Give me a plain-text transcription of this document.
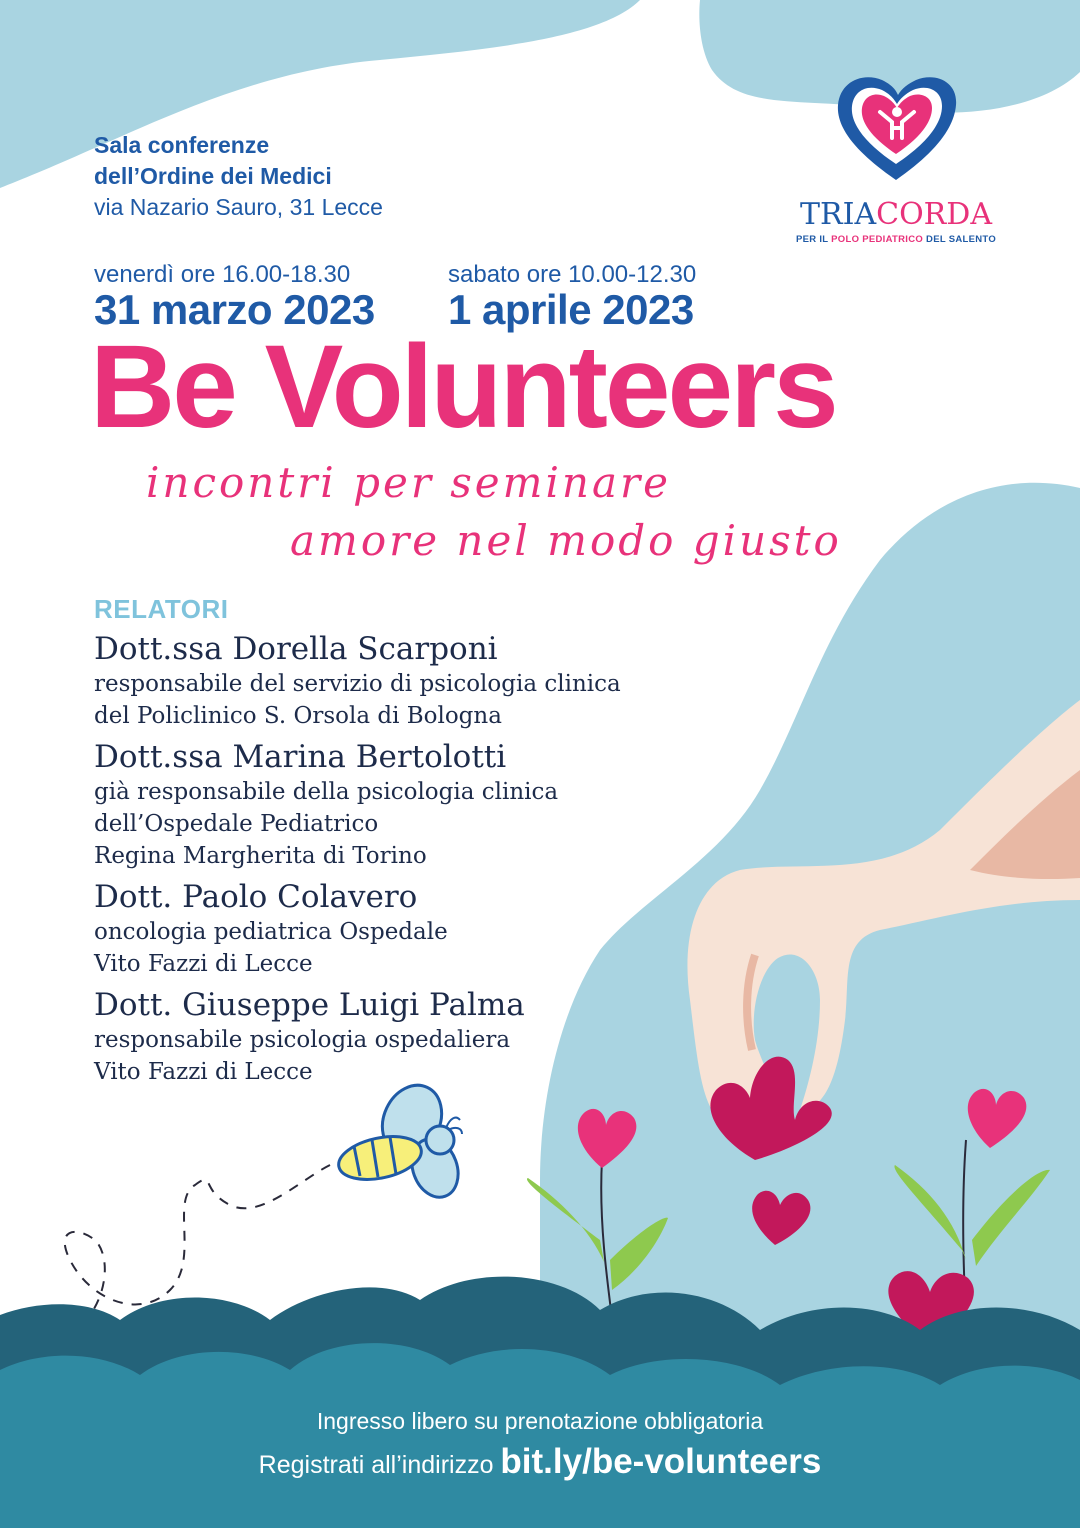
Sala conferenze
dell’Ordine dei Medici
via Nazario Sauro, 31 Lecce	TRIACORDA
PER IL POLO PEDIATRICO DEL SALENTO
venerdì ore 16.00-18.30
31 marzo 2023
sabato ore 10.00-12.30
1 aprile 2023
Be Volunteers
incontri per seminare
amore nel modo giusto
RELATORI
Dott.ssa Dorella Scarponi
responsabile del servizio di psicologia clinica
del Policlinico S. Orsola di Bologna
Dott.ssa Marina Bertolotti
già responsabile della psicologia clinica
dell’Ospedale Pediatrico
Regina Margherita di Torino
Dott. Paolo Colavero
oncologia pediatrica Ospedale
Vito Fazzi di Lecce
Dott. Giuseppe Luigi Palma
responsabile psicologia ospedaliera
Vito Fazzi di Lecce
Ingresso libero su prenotazione obbligatoria
Registrati all’indirizzo bit.ly/be-volunteers
